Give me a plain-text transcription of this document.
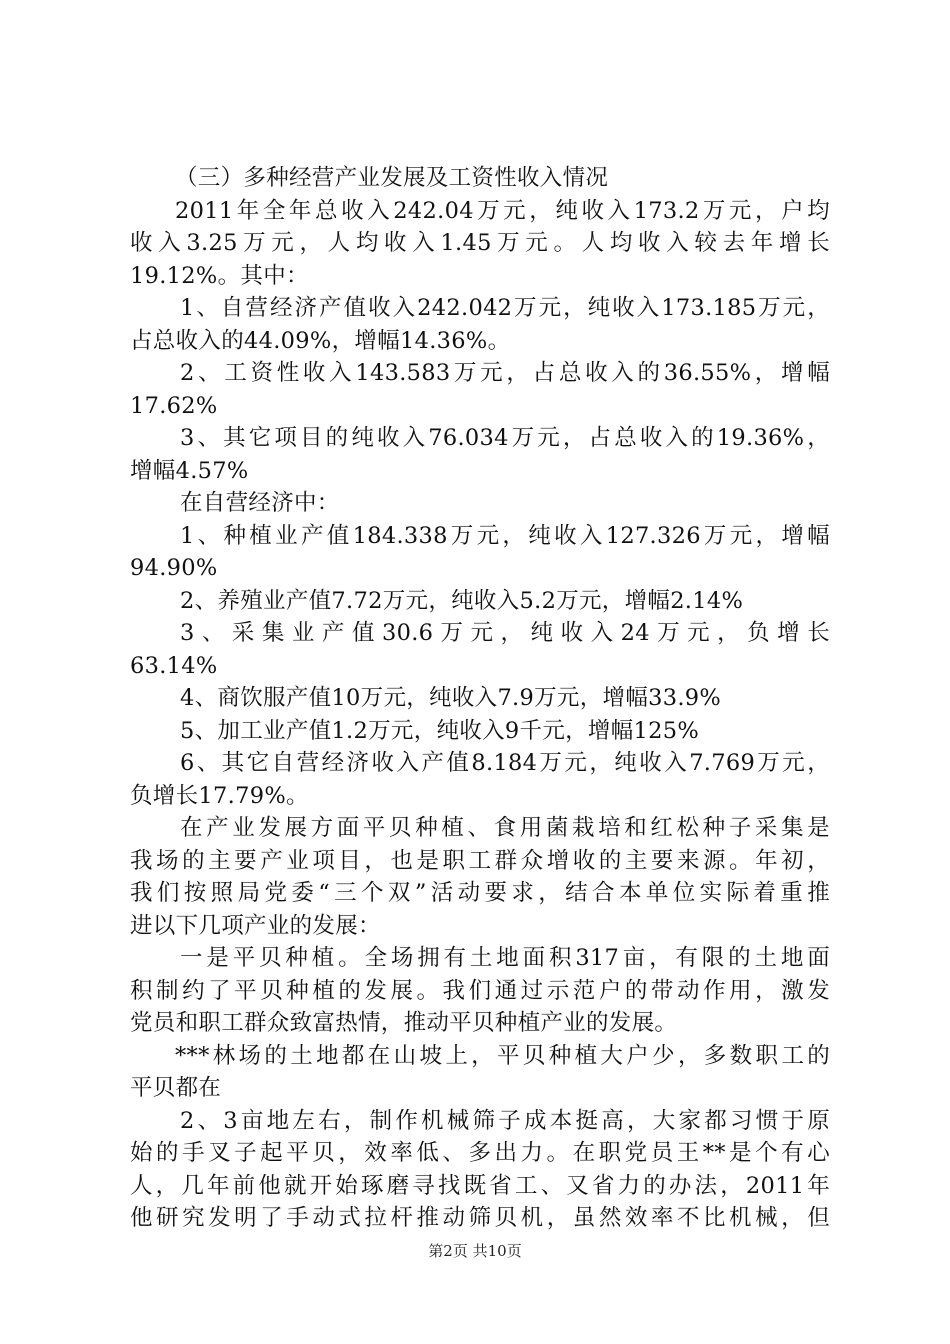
（三）多种经营产业发展及工资性收入情况
2011年全年总收入242.04万元，纯收入173.2万元，户均
收入3.25万元，人均收入1.45万元。人均收入较去年增长
19.12%。其中：
1、自营经济产值收入242.042万元，纯收入173.185万元，
占总收入的44.09%，增幅14.36%。
2、工资性收入143.583万元，占总收入的36.55%，增幅
17.62%
3、其它项目的纯收入76.034万元，占总收入的19.36%，
增幅4.57%
在自营经济中：
1、种植业产值184.338万元，纯收入127.326万元，增幅
94.90%
2、养殖业产值7.72万元，纯收入5.2万元，增幅2.14%
3、采集业产值30.6万元，纯收入24万元，负增长
63.14%
4、商饮服产值10万元，纯收入7.9万元，增幅33.9%
5、加工业产值1.2万元，纯收入9千元，增幅125%
6、其它自营经济收入产值8.184万元，纯收入7.769万元，
负增长17.79%。
在产业发展方面平贝种植、食用菌栽培和红松种子采集是
我场的主要产业项目，也是职工群众增收的主要来源。年初，
我们按照局党委“三个双”活动要求，结合本单位实际着重推
进以下几项产业的发展：
一是平贝种植。全场拥有土地面积317亩，有限的土地面
积制约了平贝种植的发展。我们通过示范户的带动作用，激发
党员和职工群众致富热情，推动平贝种植产业的发展。
***林场的土地都在山坡上，平贝种植大户少，多数职工的
平贝都在
2、3亩地左右，制作机械筛子成本挺高，大家都习惯于原
始的手叉子起平贝，效率低、多出力。在职党员王**是个有心
人，几年前他就开始琢磨寻找既省工、又省力的办法，2011年
他研究发明了手动式拉杆推动筛贝机，虽然效率不比机械，但
第2页 共10页
